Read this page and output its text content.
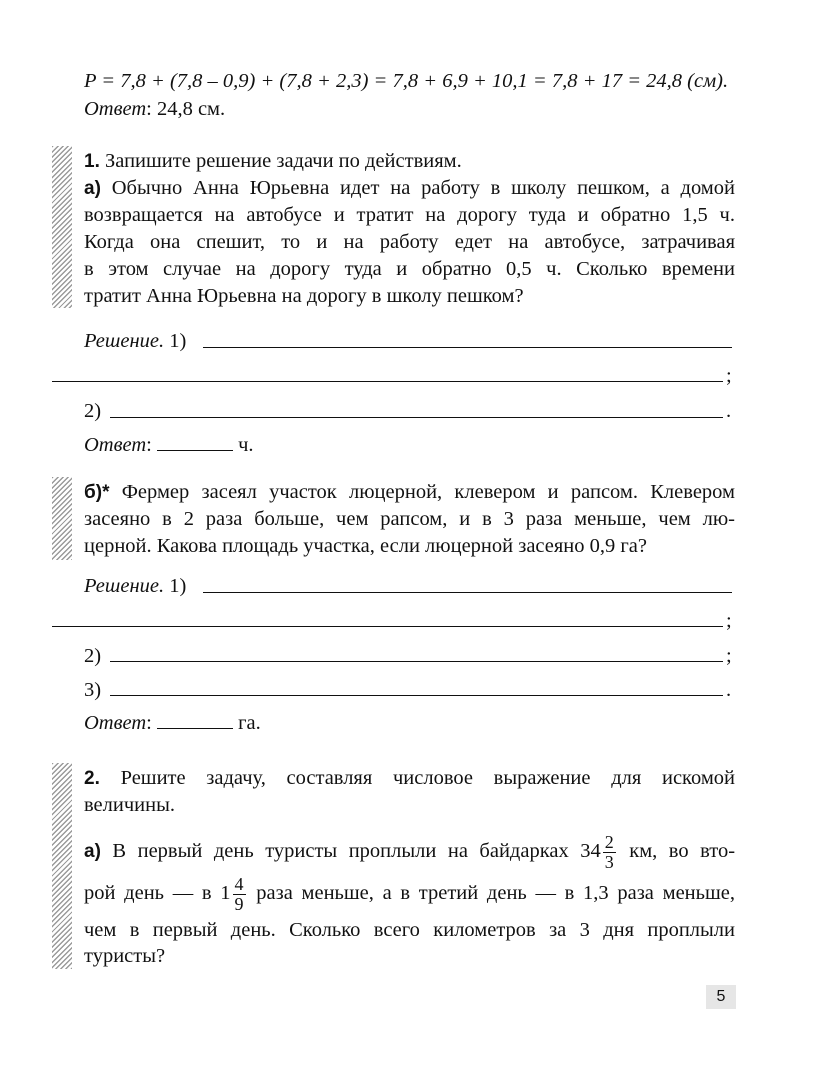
P = 7,8 + (7,8 – 0,9) + (7,8 + 2,3) = 7,8 + 6,9 + 10,1 = 7,8 + 17 = 24,8 (см).
Ответ: 24,8 см.
1. Запишите решение задачи по действиям.
а) Обычно Анна Юрьевна идет на работу в школу пешком, а домой
возвращается на автобусе и тратит на дорогу туда и обратно 1,5 ч.
Когда она спешит, то и на работу едет на автобусе, затрачивая
в этом случае на дорогу туда и обратно 0,5 ч. Сколько времени
тратит Анна Юрьевна на дорогу в школу пешком?
Решение. 1)
;
2)	.
Ответ:	ч.
б)* Фермер засеял участок люцерной, клевером и рапсом. Клевером
засеяно в 2 раза больше, чем рапсом, и в 3 раза меньше, чем лю-
церной. Какова площадь участка, если люцерной засеяно 0,9 га?
Решение. 1)
;
2)	;
3)	.
Ответ:	га.
2. Решите задачу, составляя числовое выражение для искомой
величины.
а) В первый день туристы проплыли на байдарках $34 \frac{2}{3}$ км, во вто-
рой день — в $1 \frac{4}{9}$ раза меньше, а в третий день — в 1,3 раза меньше,
чем в первый день. Сколько всего километров за 3 дня проплыли
туристы?
5
